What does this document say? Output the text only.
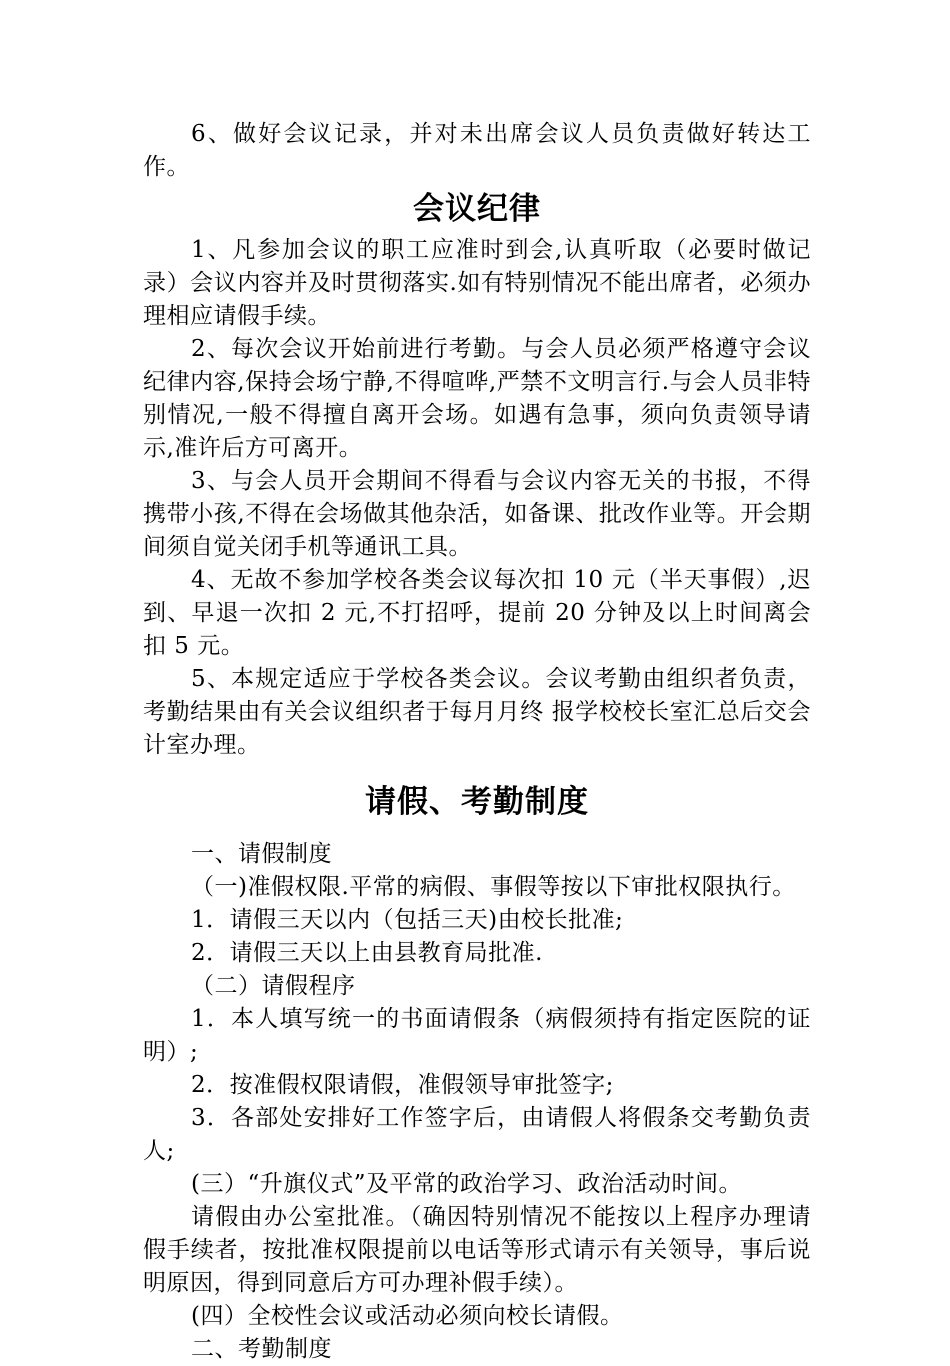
6、做好会议记录，并对未出席会议人员负责做好转达工作。

会议纪律

1、凡参加会议的职工应准时到会,认真听取（必要时做记录）会议内容并及时贯彻落实.如有特别情况不能出席者，必须办理相应请假手续。

2、每次会议开始前进行考勤。与会人员必须严格遵守会议纪律内容,保持会场宁静,不得喧哗,严禁不文明言行.与会人员非特别情况,一般不得擅自离开会场。如遇有急事，须向负责领导请示,准许后方可离开。

3、与会人员开会期间不得看与会议内容无关的书报，不得携带小孩,不得在会场做其他杂活，如备课、批改作业等。开会期间须自觉关闭手机等通讯工具。

4、无故不参加学校各类会议每次扣 10 元（半天事假）,迟到、早退一次扣 2 元,不打招呼，提前 20 分钟及以上时间离会扣 5 元。

5、本规定适应于学校各类会议。会议考勤由组织者负责，考勤结果由有关会议组织者于每月月终 报学校校长室汇总后交会计室办理。

请假、考勤制度

一、请假制度

（一)准假权限.平常的病假、事假等按以下审批权限执行。

1．请假三天以内（包括三天)由校长批准;

2．请假三天以上由县教育局批准.

（二）请假程序

1．本人填写统一的书面请假条（病假须持有指定医院的证明）;

2．按准假权限请假，准假领导审批签字;

3．各部处安排好工作签字后，由请假人将假条交考勤负责人;

(三）“升旗仪式”及平常的政治学习、政治活动时间。

请假由办公室批准。（确因特别情况不能按以上程序办理请假手续者，按批准权限提前以电话等形式请示有关领导，事后说明原因，得到同意后方可办理补假手续）。

(四）全校性会议或活动必须向校长请假。

二、考勤制度
